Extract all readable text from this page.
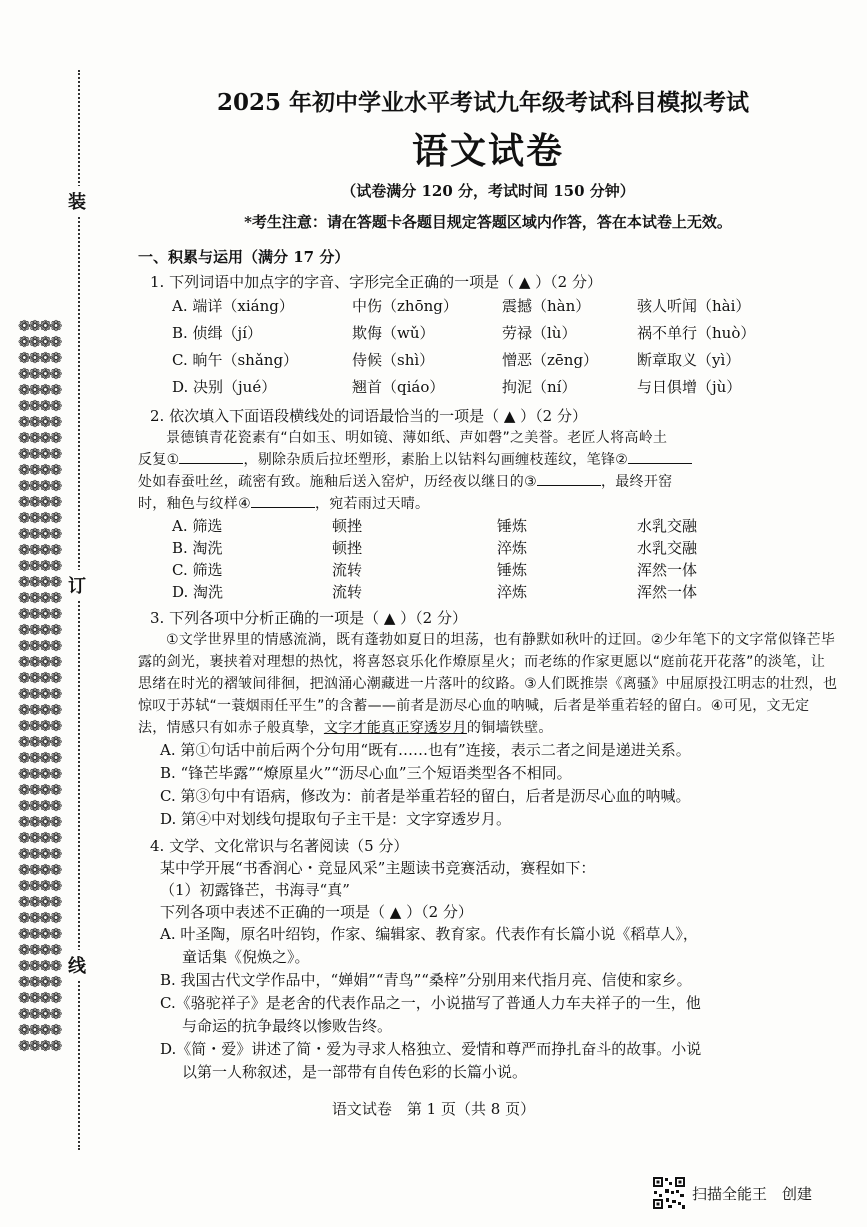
装
订
线
❁❁❁❁
❁❁❁❁
❁❁❁❁
❁❁❁❁
❁❁❁❁
❁❁❁❁
❁❁❁❁
❁❁❁❁
❁❁❁❁
❁❁❁❁
❁❁❁❁
❁❁❁❁
❁❁❁❁
❁❁❁❁
❁❁❁❁
❁❁❁❁
❁❁❁❁
❁❁❁❁
❁❁❁❁
❁❁❁❁
❁❁❁❁
❁❁❁❁
❁❁❁❁
❁❁❁❁
❁❁❁❁
❁❁❁❁
❁❁❁❁
❁❁❁❁
❁❁❁❁
❁❁❁❁
❁❁❁❁
❁❁❁❁
❁❁❁❁
❁❁❁❁
❁❁❁❁
❁❁❁❁
❁❁❁❁
❁❁❁❁
❁❁❁❁
❁❁❁❁
❁❁❁❁
❁❁❁❁
❁❁❁❁
❁❁❁❁
❁❁❁❁
❁❁❁❁
2025 年初中学业水平考试九年级考试科目模拟考试
语文试卷
（试卷满分 120 分，考试时间 150 分钟）
*考生注意：请在答题卡各题目规定答题区域内作答，答在本试卷上无效。
一、积累与运用（满分 17 分）
1. 下列词语中加点字的字音、字形完全正确的一项是（ ▲ ）（2 分）
A. 端详（xiáng）	中伤（zhōng）	震撼（hàn）	骇人听闻（hài）
B. 侦缉（jí）	欺侮（wǔ）	劳禄（lù）	祸不单行（huò）
C. 晌午（shǎng）	侍候（shì）	憎恶（zēng）	断章取义（yì）
D. 决别（jué）	翘首（qiáo）	拘泥（ní）	与日俱增（jù）
2. 依次填入下面语段横线处的词语最恰当的一项是（ ▲ ）（2 分）
景德镇青花瓷素有“白如玉、明如镜、薄如纸、声如磬”之美誉。老匠人将高岭土
反复①	，剔除杂质后拉坯塑形，素胎上以钴料勾画缠枝莲纹，笔锋②
处如春蚕吐丝，疏密有致。施釉后送入窑炉，历经夜以继日的③	，最终开窑
时，釉色与纹样④	，宛若雨过天晴。
A. 筛选	顿挫	锤炼	水乳交融
B. 淘洗	顿挫	淬炼	水乳交融
C. 筛选	流转	锤炼	浑然一体
D. 淘洗	流转	淬炼	浑然一体
3. 下列各项中分析正确的一项是（ ▲ ）（2 分）
①文学世界里的情感流淌，既有蓬勃如夏日的坦荡，也有静默如秋叶的迂回。②少年笔下的文字常似锋芒毕露的剑光，裹挟着对理想的热忱，将喜怒哀乐化作燎原星火；而老练的作家更愿以“庭前花开花落”的淡笔，让思绪在时光的褶皱间徘徊，把汹涌心潮藏进一片落叶的纹路。③人们既推崇《离骚》中屈原投江明志的壮烈，也惊叹于苏轼“一蓑烟雨任平生”的含蓄——前者是沥尽心血的呐喊，后者是举重若轻的留白。④可见，文无定法，情感只有如赤子般真挚，文字才能真正穿透岁月的铜墙铁壁。
A. 第①句话中前后两个分句用“既有……也有”连接，表示二者之间是递进关系。
B. “锋芒毕露”“燎原星火”“沥尽心血”三个短语类型各不相同。
C. 第③句中有语病，修改为：前者是举重若轻的留白，后者是沥尽心血的呐喊。
D. 第④中对划线句提取句子主干是：文字穿透岁月。
4. 文学、文化常识与名著阅读（5 分）
某中学开展“书香润心・竞显风采”主题读书竞赛活动，赛程如下：
（1）初露锋芒，书海寻“真”
下列各项中表述不正确的一项是（ ▲ ）（2 分）
A. 叶圣陶，原名叶绍钧，作家、编辑家、教育家。代表作有长篇小说《稻草人》，
童话集《倪焕之》。
B. 我国古代文学作品中，“婵娟”“青鸟”“桑梓”分别用来代指月亮、信使和家乡。
C.《骆驼祥子》是老舍的代表作品之一，小说描写了普通人力车夫祥子的一生，他
与命运的抗争最终以惨败告终。
D.《简・爱》讲述了简・爱为寻求人格独立、爱情和尊严而挣扎奋斗的故事。小说
以第一人称叙述，是一部带有自传色彩的长篇小说。
语文试卷　第 1 页（共 8 页）
扫描全能王　创建
